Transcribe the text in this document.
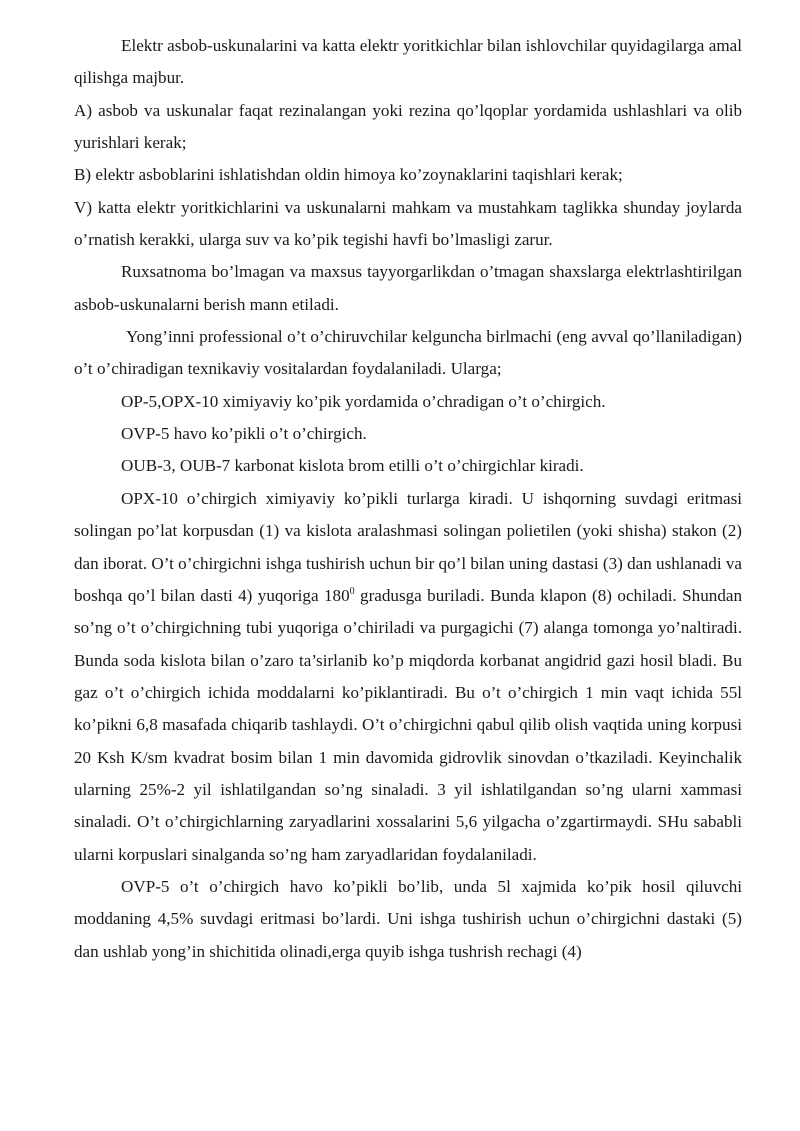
Elektr asbob-uskunalarini va katta elektr yoritkichlar bilan ishlovchilar quyidagilarga amal qilishga majbur.

A) asbob va uskunalar faqat rezinalangan yoki rezina qo’lqoplar yordamida ushlashlari va olib yurishlari kerak;

B) elektr asboblarini ishlatishdan oldin himoya ko’zoynaklarini taqishlari kerak;

V) katta elektr yoritkichlarini va uskunalarni mahkam va mustahkam taglikka shunday joylarda o’rnatish kerakki, ularga suv va ko’pik tegishi havfi bo’lmasligi zarur.

Ruxsatnoma bo’lmagan va maxsus tayyorgarlikdan o’tmagan shaxslarga elektrlashtirilgan asbob-uskunalarni berish mann etiladi.

Yong’inni professional o’t o’chiruvchilar kelguncha birlmachi (eng avval qo’llaniladigan) o’t o’chiradigan texnikaviy vositalardan foydalaniladi. Ularga;

OP-5,OPX-10 ximiyaviy ko’pik yordamida o’chradigan o’t o’chirgich.

OVP-5 havo ko’pikli o’t o’chirgich.

OUB-3, OUB-7 karbonat kislota brom etilli o’t o’chirgichlar kiradi.

OPX-10 o’chirgich ximiyaviy ko’pikli turlarga kiradi. U ishqorning suvdagi eritmasi solingan po’lat korpusdan (1) va kislota aralashmasi solingan polietilen (yoki shisha) stakon (2) dan iborat. O’t o’chirgichni ishga tushirish uchun bir qo’l bilan uning dastasi (3) dan ushlanadi va boshqa qo’l bilan dasti 4) yuqoriga $180^0$ gradusga buriladi. Bunda klapon (8) ochiladi. Shundan so’ng o’t o’chirgichning tubi yuqoriga o’chiriladi va purgagichi (7) alanga tomonga yo’naltiradi. Bunda soda kislota bilan o’zaro ta’sirlanib ko’p miqdorda korbanat angidrid gazi hosil bladi. Bu gaz o’t o’chirgich ichida moddalarni ko’piklantiradi. Bu o’t o’chirgich 1 min vaqt ichida 55l ko’pikni 6,8 masafada chiqarib tashlaydi. O’t o’chirgichni qabul qilib olish vaqtida uning korpusi 20 Ksh K/sm kvadrat bosim bilan 1 min davomida gidrovlik sinovdan o’tkaziladi. Keyinchalik ularning 25%-2 yil ishlatilgandan so’ng sinaladi. 3 yil ishlatilgandan so’ng ularni xammasi sinaladi. O’t o’chirgichlarning zaryadlarini xossalarini 5,6 yilgacha o’zgartirmaydi. SHu sababli ularni korpuslari sinalganda so’ng ham zaryadlaridan foydalaniladi.

OVP-5 o’t o’chirgich havo ko’pikli bo’lib, unda 5l xajmida ko’pik hosil qiluvchi moddaning 4,5% suvdagi eritmasi bo’lardi. Uni ishga tushirish uchun o’chirgichni dastaki (5) dan ushlab yong’in shichitida olinadi,erga quyib ishga tushrish rechagi (4)
